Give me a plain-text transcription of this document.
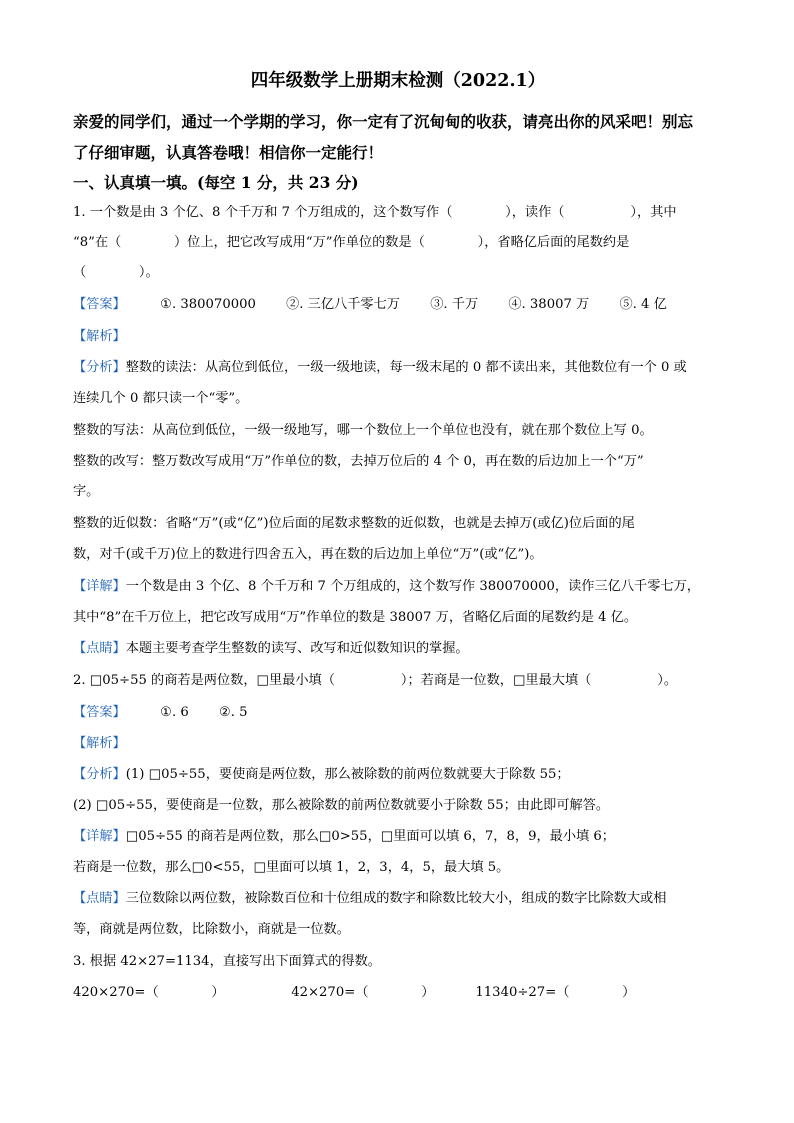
四年级数学上册期末检测（2022.1）
亲爱的同学们，通过一个学期的学习，你一定有了沉甸甸的收获，请亮出你的风采吧！别忘
了仔细审题，认真答卷哦！相信你一定能行！
一、认真填一填。(每空 1 分，共 23 分)
1. 一个数是由 3 个亿、8 个千万和 7 个万组成的，这个数写作（　　　　），读作（　　　　　），其中
“8”在（　　　　）位上，把它改写成用“万”作单位的数是（　　　　），省略亿后面的尾数约是
（　　　　）。
【答案】	①. 380070000 ②. 三亿八千零七万 ③. 千万 ④. 38007 万 ⑤. 4 亿
【解析】
【分析】整数的读法：从高位到低位，一级一级地读，每一级末尾的 0 都不读出来，其他数位有一个 0 或
连续几个 0 都只读一个“零”。
整数的写法：从高位到低位，一级一级地写，哪一个数位上一个单位也没有，就在那个数位上写 0。
整数的改写：整万数改写成用“万”作单位的数，去掉万位后的 4 个 0，再在数的后边加上一个“万”
字。
整数的近似数：省略“万”(或“亿”)位后面的尾数求整数的近似数，也就是去掉万(或亿)位后面的尾
数，对千(或千万)位上的数进行四舍五入，再在数的后边加上单位“万”(或“亿”)。
【详解】一个数是由 3 个亿、8 个千万和 7 个万组成的，这个数写作 380070000，读作三亿八千零七万，
其中“8”在千万位上，把它改写成用“万”作单位的数是 38007 万，省略亿后面的尾数约是 4 亿。
【点睛】本题主要考查学生整数的读写、改写和近似数知识的掌握。
2. □05÷55 的商若是两位数，□里最小填（　　　　　）；若商是一位数，□里最大填（　　　　　）。
【答案】	①. 6 ②. 5
【解析】
【分析】(1) □05÷55，要使商是两位数，那么被除数的前两位数就要大于除数 55；
(2) □05÷55，要使商是一位数，那么被除数的前两位数就要小于除数 55；由此即可解答。
【详解】□05÷55 的商若是两位数，那么□0>55，□里面可以填 6，7，8，9，最小填 6；
若商是一位数，那么□0<55，□里面可以填 1，2，3，4，5，最大填 5。
【点睛】三位数除以两位数，被除数百位和十位组成的数字和除数比较大小，组成的数字比除数大或相
等，商就是两位数，比除数小，商就是一位数。
3. 根据 42×27=1134，直接写出下面算式的得数。
420×270=（　　　　）	42×270=（　　　　）	11340÷27=（　　　　）
